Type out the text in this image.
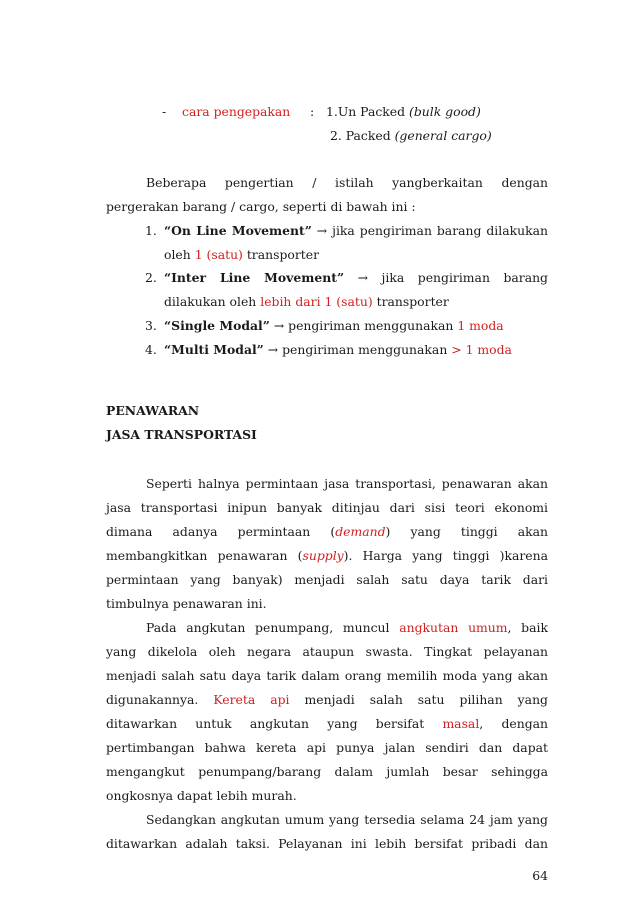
- cara pengepakan : 1.Un Packed (bulk good)
2. Packed (general cargo)
Beberapa pengertian / istilah yangberkaitan dengan
pergerakan barang / cargo, seperti di bawah ini :
1. “On Line Movement” → jika pengiriman barang dilakukan
oleh 1 (satu) transporter
2. “Inter Line Movement” → jika pengiriman barang
dilakukan oleh lebih dari 1 (satu) transporter
3. “Single Modal” → pengiriman menggunakan 1 moda
4. “Multi Modal” → pengiriman menggunakan > 1 moda
PENAWARAN
JASA TRANSPORTASI
Seperti halnya permintaan jasa transportasi, penawaran akan
jasa transportasi inipun banyak ditinjau dari sisi teori ekonomi
dimana adanya permintaan (demand) yang tinggi akan
membangkitkan penawaran (supply). Harga yang tinggi )karena
permintaan yang banyak) menjadi salah satu daya tarik dari
timbulnya penawaran ini.
Pada angkutan penumpang, muncul angkutan umum, baik
yang dikelola oleh negara ataupun swasta. Tingkat pelayanan
menjadi salah satu daya tarik dalam orang memilih moda yang akan
digunakannya. Kereta api menjadi salah satu pilihan yang
ditawarkan untuk angkutan yang bersifat masal, dengan
pertimbangan bahwa kereta api punya jalan sendiri dan dapat
mengangkut penumpang/barang dalam jumlah besar sehingga
ongkosnya dapat lebih murah.
Sedangkan angkutan umum yang tersedia selama 24 jam yang
ditawarkan adalah taksi. Pelayanan ini lebih bersifat pribadi dan
64
